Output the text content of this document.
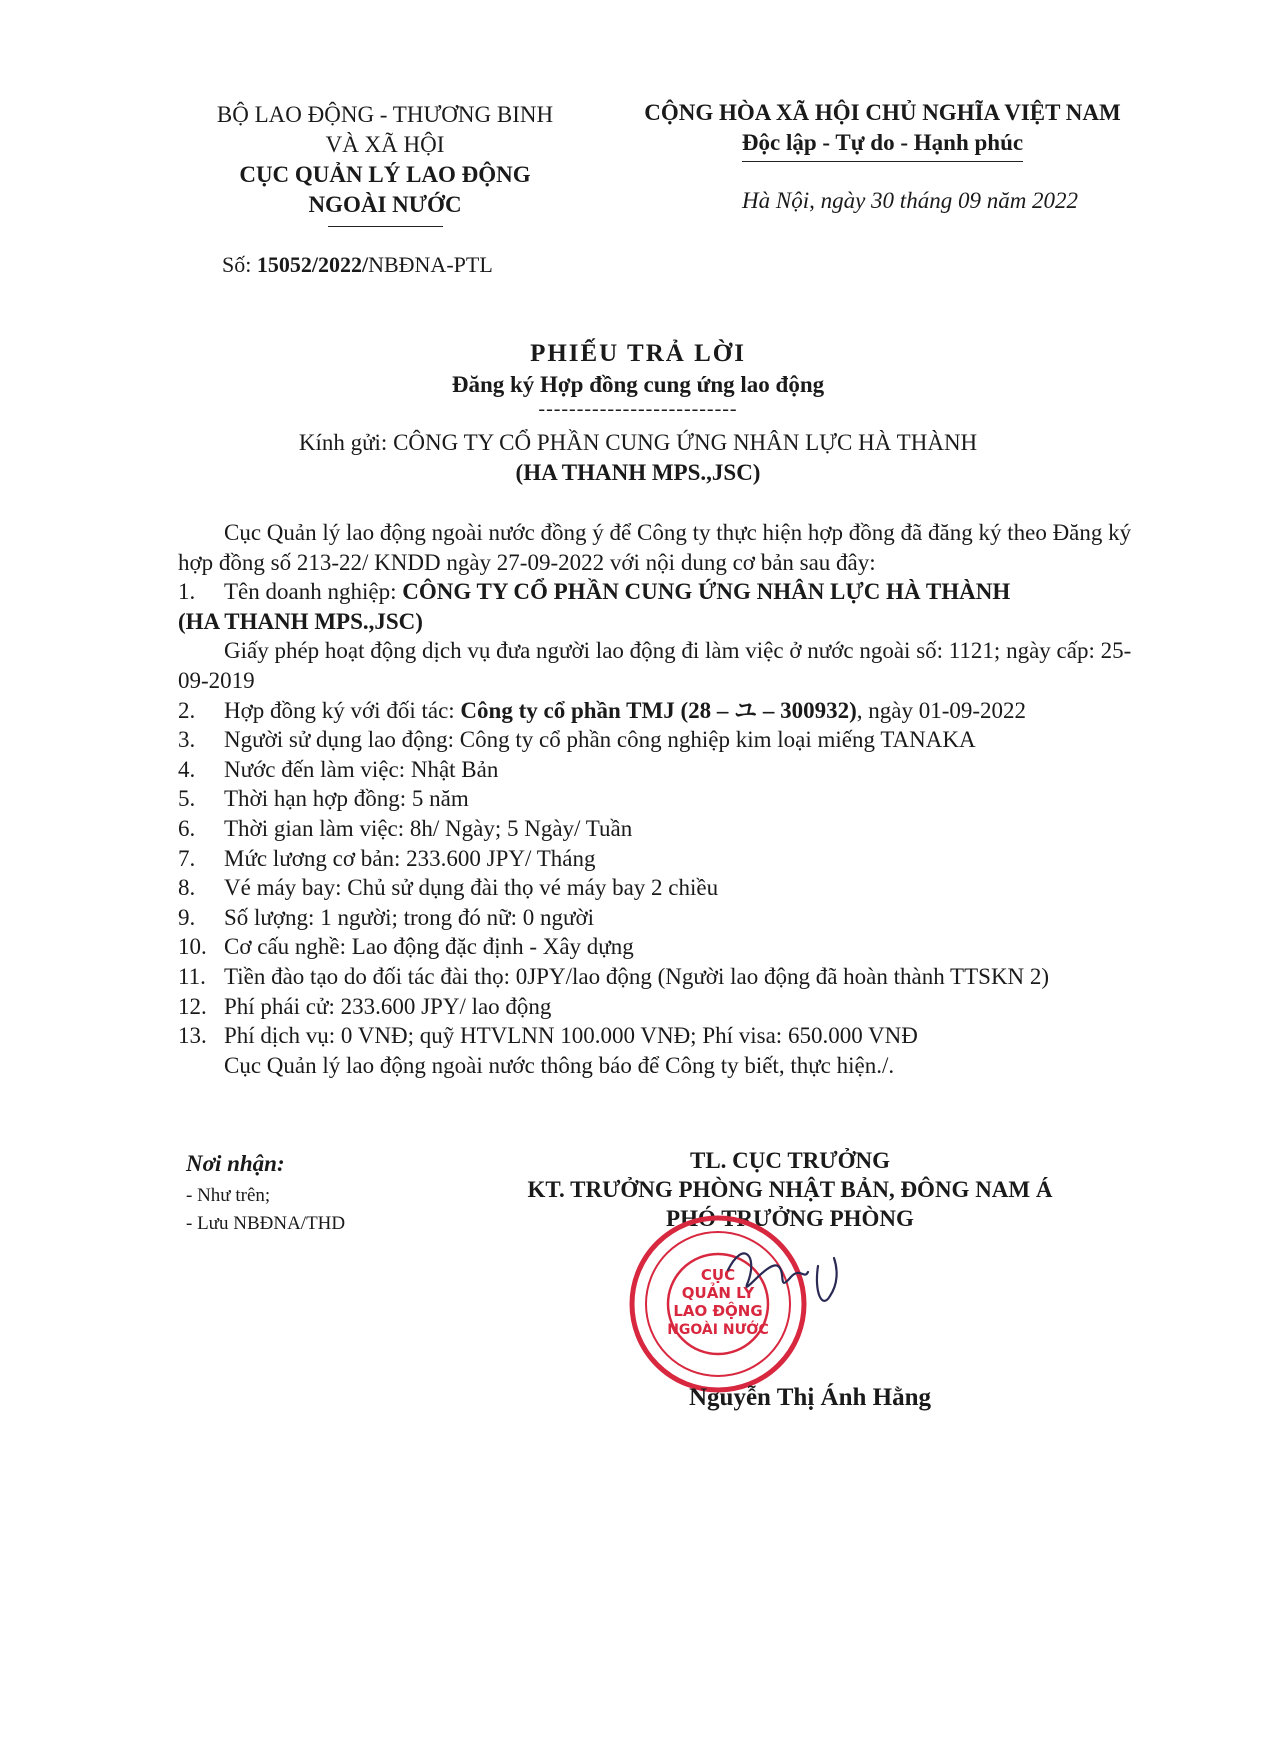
BỘ LAO ĐỘNG - THƯƠNG BINH
VÀ XÃ HỘI
CỤC QUẢN LÝ LAO ĐỘNG
NGOÀI NƯỚC
Số: 15052/2022/NBĐNA-PTL
CỘNG HÒA XÃ HỘI CHỦ NGHĨA VIỆT NAM
Độc lập - Tự do - Hạnh phúc
Hà Nội, ngày 30 tháng 09 năm 2022
PHIẾU TRẢ LỜI
Đăng ký Hợp đồng cung ứng lao động
--------------------------
Kính gửi: CÔNG TY CỔ PHẦN CUNG ỨNG NHÂN LỰC HÀ THÀNH
(HA THANH MPS.,JSC)

Cục Quản lý lao động ngoài nước đồng ý để Công ty thực hiện hợp đồng đã đăng ký theo Đăng ký hợp đồng số 213-22/ KNDD ngày 27-09-2022 với nội dung cơ bản sau đây:

1.	Tên doanh nghiệp: CÔNG TY CỔ PHẦN CUNG ỨNG NHÂN LỰC HÀ THÀNH

(HA THANH MPS.,JSC)

Giấy phép hoạt động dịch vụ đưa người lao động đi làm việc ở nước ngoài số: 1121; ngày cấp: 25-09-2019

2.	Hợp đồng ký với đối tác: Công ty cổ phần TMJ (28 – ユ – 300932), ngày 01-09-2022
3.	Người sử dụng lao động: Công ty cổ phần công nghiệp kim loại miếng TANAKA
4.	Nước đến làm việc: Nhật Bản
5.	Thời hạn hợp đồng: 5 năm
6.	Thời gian làm việc: 8h/ Ngày; 5 Ngày/ Tuần
7.	Mức lương cơ bản: 233.600 JPY/ Tháng
8.	Vé máy bay: Chủ sử dụng đài thọ vé máy bay 2 chiều
9.	Số lượng: 1 người; trong đó nữ: 0 người
10. Cơ cấu nghề: Lao động đặc định - Xây dựng
11. Tiền đào tạo do đối tác đài thọ: 0JPY/lao động (Người lao động đã hoàn thành TTSKN 2)
12. Phí phái cử: 233.600 JPY/ lao động
13. Phí dịch vụ: 0 VNĐ; quỹ HTVLNN 100.000 VNĐ; Phí visa: 650.000 VNĐ

Cục Quản lý lao động ngoài nước thông báo để Công ty biết, thực hiện./.

Nơi nhận:
- Như trên;
- Lưu NBĐNA/THD
TL. CỤC TRƯỞNG
KT. TRƯỞNG PHÒNG NHẬT BẢN, ĐÔNG NAM Á
PHÓ TRƯỞNG PHÒNG
CỤC
QUẢN LÝ
LAO ĐỘNG
NGOÀI NƯỚC
Nguyễn Thị Ánh Hằng
